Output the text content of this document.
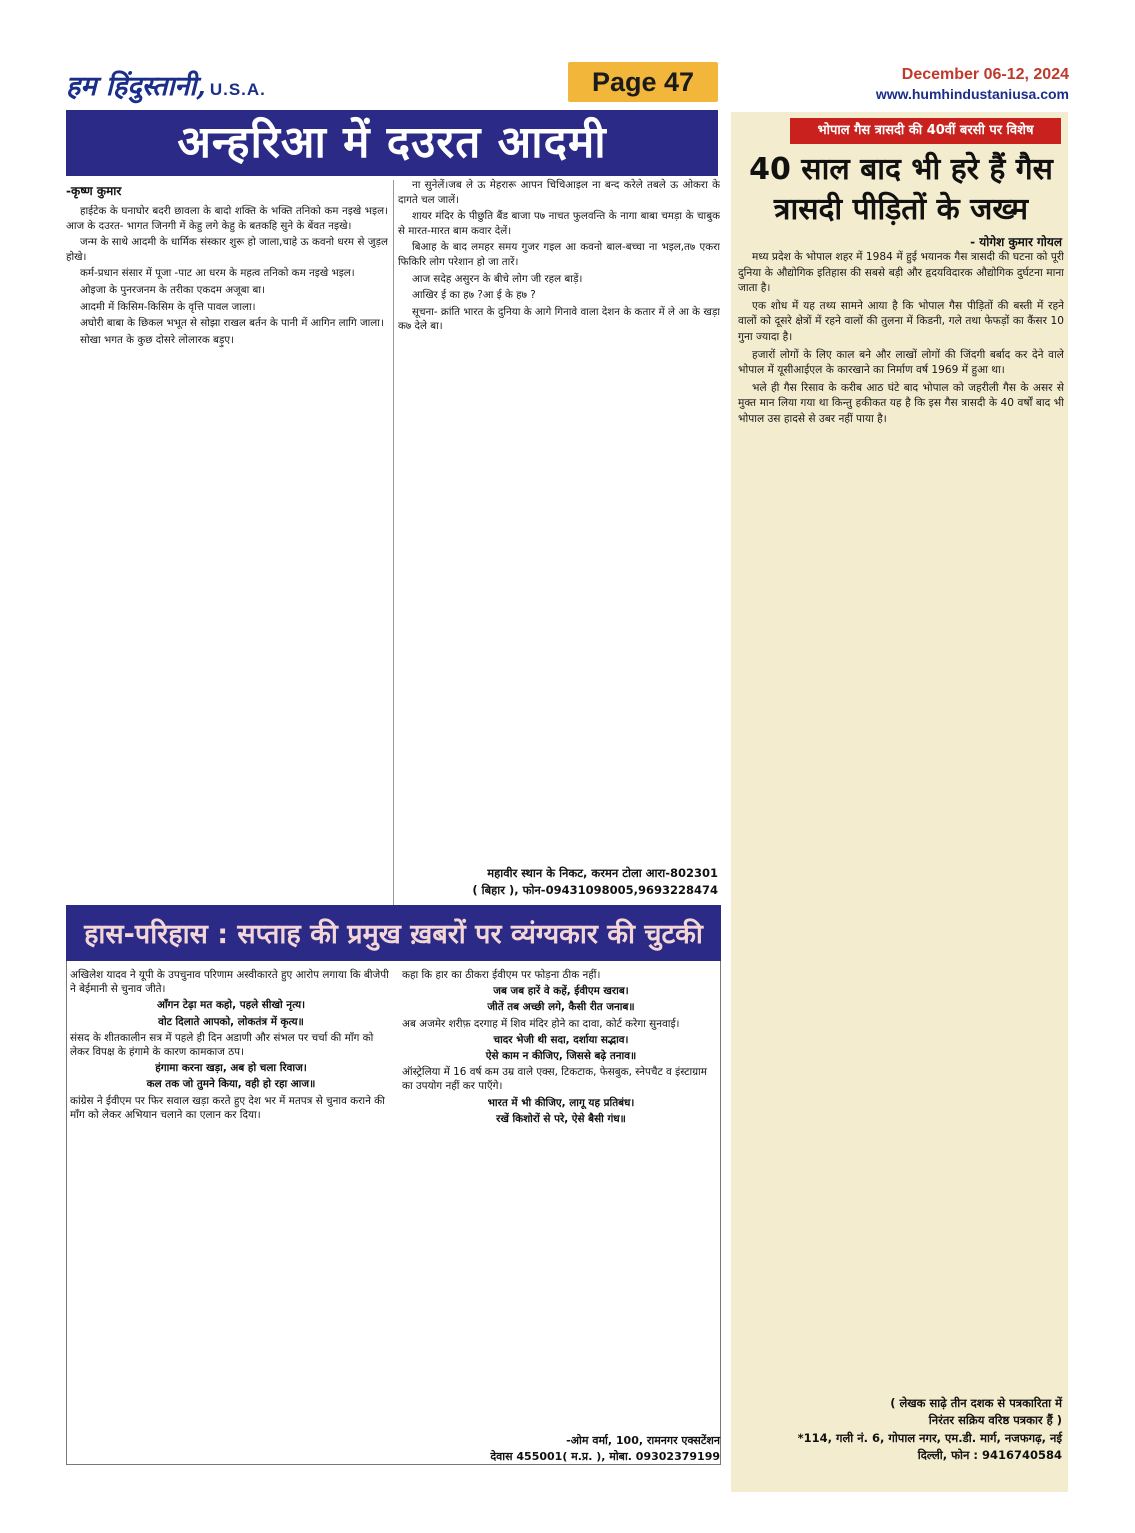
हम हिंदुस्तानी, U.S.A.	Page 47	December 06-12, 2024
www.humhindustaniusa.com
अन्हरिआ में दउरत आदमी
-कृष्ण कुमार

हाईटेक के घनाघोर बदरी छावला के बादो शक्ति के भक्ति तनिको कम नइखे भइल।आज के दउरत- भागत जिनगी में केहु लगे केहु के बतकहि सुने के बेंवत नइखे।

जन्म के साथे आदमी के धार्मिक संस्कार शुरू हो जाला,चाहे ऊ कवनो धरम से जुड़ल होखे।

कर्म-प्रधान संसार में पूजा -पाट आ धरम के महत्व तनिको कम नइखे भइल।

ओइजा के पुनरजनम के तरीका एकदम अजूबा बा।

आदमी में किसिम-किसिम के वृत्ति पावल जाला।

अघोरी बाबा के छिकल भभूत से सोझा राखल बर्तन के पानी में आगिन लागि जाला।

सोखा भगत के कुछ दोसरे लोलारक बड़ुए।

ना सुनेलें।जब ले ऊ मेहरारू आपन चिचिआइल ना बन्द करेले तबले ऊ ओकरा के दागते चल जालें।

शायर मंदिर के पीछुति बैंड बाजा प७ नाचत फुलवन्ति के नागा बाबा चमड़ा के चाबुक से मारत-मारत बाम कवार देलें।

बिआह के बाद लमहर समय गुजर गइल आ कवनो बाल-बच्चा ना भइल,त७ एकरा फिकिरि लोग परेशान हो जा तारें।

आज सदेह असुरन के बीचे लोग जी रहल बाड़ें।

आखिर ई का ह७ ?आ ई के ह७ ?

सूचना- क्रांति भारत के दुनिया के आगे गिनावे वाला देशन के कतार में ले आ के खड़ा क७ देले बा।

महावीर स्थान के निकट, करमन टोला आरा-802301
( बिहार ), फोन-09431098005,9693228474
भोपाल गैस त्रासदी की 40वीं बरसी पर विशेष
40 साल बाद भी हरे हैं गैस
त्रासदी पीड़ितों के जख्म
- योगेश कुमार गोयल

मध्य प्रदेश के भोपाल शहर में 1984 में हुई भयानक गैस त्रासदी की घटना को पूरी दुनिया के औद्योगिक इतिहास की सबसे बड़ी और हृदयविदारक औद्योगिक दुर्घटना माना जाता है।

एक शोध में यह तथ्य सामने आया है कि भोपाल गैस पीड़ितों की बस्ती में रहने वालों को दूसरे क्षेत्रों में रहने वालों की तुलना में किडनी, गले तथा फेफड़ों का कैंसर 10 गुना ज्यादा है।

हजारों लोगों के लिए काल बने और लाखों लोगों की जिंदगी बर्बाद कर देने वाले भोपाल में यूसीआईएल के कारखाने का निर्माण वर्ष 1969 में हुआ था।

भले ही गैस रिसाव के करीब आठ घंटे बाद भोपाल को जहरीली गैस के असर से मुक्त मान लिया गया था किन्तु हकीकत यह है कि इस गैस त्रासदी के 40 वर्षों बाद भी भोपाल उस हादसे से उबर नहीं पाया है।

( लेखक साढ़े तीन दशक से पत्रकारिता में
निरंतर सक्रिय वरिष्ठ पत्रकार हैं )
*114, गली नं. 6, गोपाल नगर, एम.डी. मार्ग, नजफगढ़, नई
दिल्ली, फोन : 9416740584
हास-परिहास : सप्ताह की प्रमुख ख़बरों पर व्यंग्यकार की चुटकी

अखिलेश यादव ने यूपी के उपचुनाव परिणाम अस्वीकारते हुए आरोप लगाया कि बीजेपी ने बेईमानी से चुनाव जीते।

आँगन टेढ़ा मत कहो, पहले सीखो नृत्य।

वोट दिलाते आपको, लोकतंत्र में कृत्य॥

संसद के शीतकालीन सत्र में पहले ही दिन अडाणी और संभल पर चर्चा की माँग को लेकर विपक्ष के हंगामे के कारण कामकाज ठप।

हंगामा करना खड़ा, अब हो चला रिवाज।

कल तक जो तुमने किया, वही हो रहा आज॥

कांग्रेस ने ईवीएम पर फिर सवाल खड़ा करते हुए देश भर में मतपत्र से चुनाव कराने की माँग को लेकर अभियान चलाने का एलान कर दिया।

कहा कि हार का ठीकरा ईवीएम पर फोड़ना ठीक नहीं।

जब जब हारें वे कहें, ईवीएम खराब।

जीतें तब अच्छी लगे, कैसी रीत जनाब॥

अब अजमेर शरीफ़ दरगाह में शिव मंदिर होने का दावा, कोर्ट करेगा सुनवाई।

चादर भेजी थी सदा, दर्शाया सद्भाव।

ऐसे काम न कीजिए, जिससे बढ़े तनाव॥

ऑस्ट्रेलिया में 16 वर्ष कम उम्र वाले एक्स, टिकटाक, फेसबुक, स्नेपचैट व इंस्टाग्राम का उपयोग नहीं कर पाएँगे।

भारत में भी कीजिए, लागू यह प्रतिबंध।

रखें किशोरों से परे, ऐसे बैसी गंध॥

-ओम वर्मा, 100, रामनगर एक्सटेंशन
देवास 455001( म.प्र. ), मोबा. 09302379199
